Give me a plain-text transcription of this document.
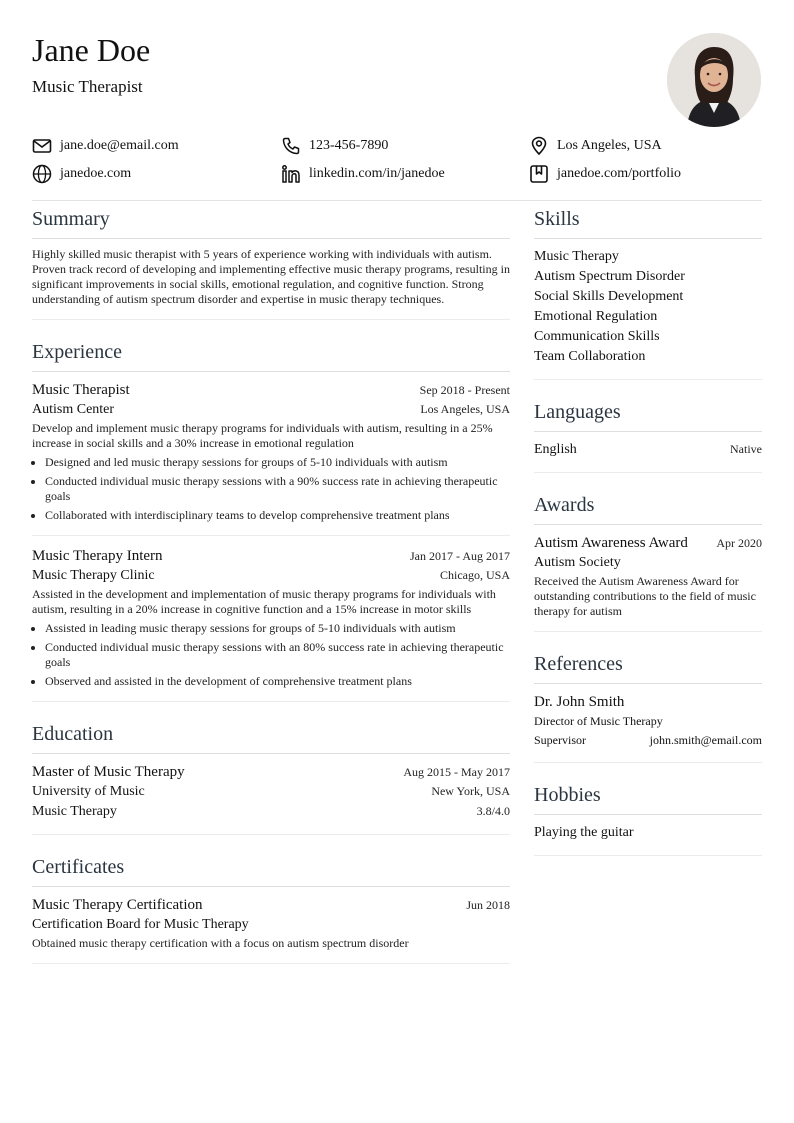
Jane Doe
Music Therapist
jane.doe@email.com	123-456-7890	Los Angeles, USA
janedoe.com	linkedin.com/in/janedoe	janedoe.com/portfolio
Summary
Highly skilled music therapist with 5 years of experience working with individuals with autism. Proven track record of developing and implementing effective music therapy programs, resulting in significant improvements in social skills, emotional regulation, and cognitive function. Strong understanding of autism spectrum disorder and expertise in music therapy techniques.
Experience
Music Therapist	Sep 2018 - Present
Autism Center	Los Angeles, USA
Develop and implement music therapy programs for individuals with autism, resulting in a 25% increase in social skills and a 30% increase in emotional regulation
• Designed and led music therapy sessions for groups of 5-10 individuals with autism
• Conducted individual music therapy sessions with a 90% success rate in achieving therapeutic goals
• Collaborated with interdisciplinary teams to develop comprehensive treatment plans
Music Therapy Intern	Jan 2017 - Aug 2017
Music Therapy Clinic	Chicago, USA
Assisted in the development and implementation of music therapy programs for individuals with autism, resulting in a 20% increase in cognitive function and a 15% increase in motor skills
• Assisted in leading music therapy sessions for groups of 5-10 individuals with autism
• Conducted individual music therapy sessions with an 80% success rate in achieving therapeutic goals
• Observed and assisted in the development of comprehensive treatment plans
Education
Master of Music Therapy	Aug 2015 - May 2017
University of Music	New York, USA
Music Therapy	3.8/4.0
Certificates
Music Therapy Certification	Jun 2018
Certification Board for Music Therapy
Obtained music therapy certification with a focus on autism spectrum disorder
Skills
Music Therapy
Autism Spectrum Disorder
Social Skills Development
Emotional Regulation
Communication Skills
Team Collaboration
Languages
English	Native
Awards
Autism Awareness Award Apr 2020
Autism Society
Received the Autism Awareness Award for outstanding contributions to the field of music therapy for autism
References
Dr. John Smith
Director of Music Therapy
Supervisor	john.smith@email.com
Hobbies
Playing the guitar
